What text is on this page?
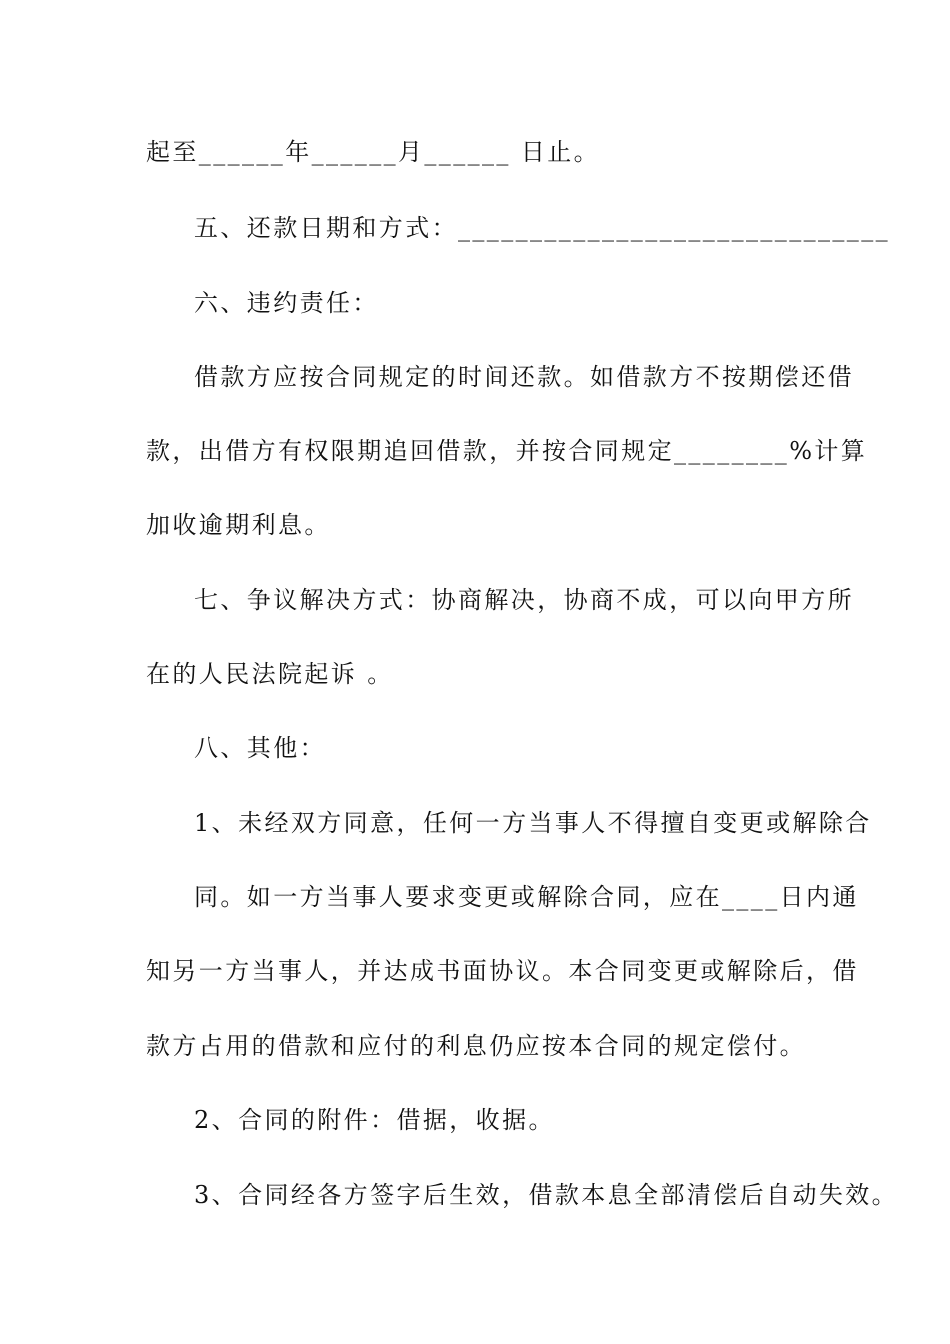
起至______年______月______ 日止。
五、还款日期和方式：______________________________
六、违约责任：
借款方应按合同规定的时间还款。如借款方不按期偿还借
款，出借方有权限期追回借款，并按合同规定________%计算
加收逾期利息。
七、争议解决方式：协商解决，协商不成，可以向甲方所
在的人民法院起诉 。
八、其他：
1、未经双方同意，任何一方当事人不得擅自变更或解除合
同。如一方当事人要求变更或解除合同，应在____日内通
知另一方当事人，并达成书面协议。本合同变更或解除后，借
款方占用的借款和应付的利息仍应按本合同的规定偿付。
2、合同的附件：借据，收据。
3、合同经各方签字后生效，借款本息全部清偿后自动失效。
